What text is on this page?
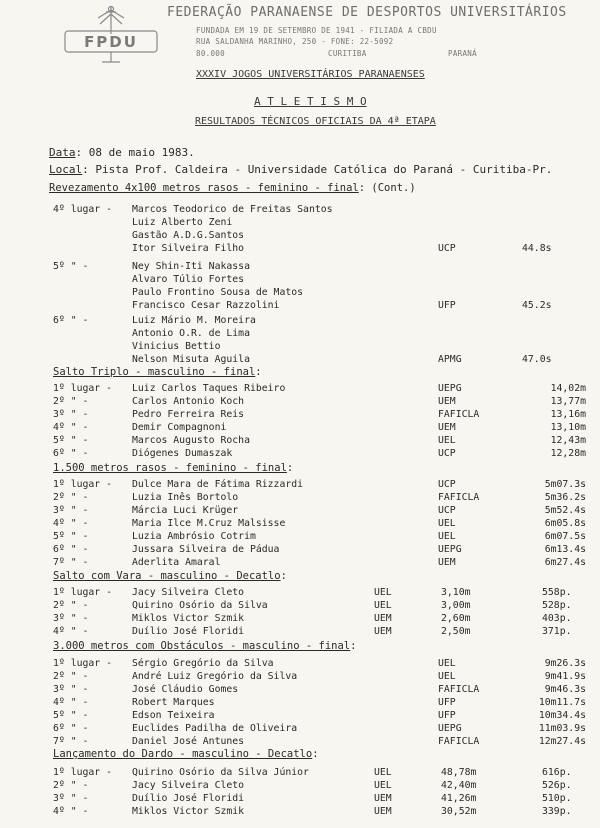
FPDU
FEDERAÇÃO PARANAENSE DE DESPORTOS UNIVERSITÁRIOS
FUNDADA EM 19 DE SETEMBRO DE 1941 - FILIADA A CBDU
RUA SALDANHA MARINHO, 250 - FONE: 22-5092
80.000	CURITIBA	PARANÁ
XXXIV JOGOS UNIVERSITÁRIOS PARANAENSES
A T L E T I S M O
RESULTADOS TÉCNICOS OFICIAIS DA 4ª ETAPA
Data: 08 de maio 1983.
Local: Pista Prof. Caldeira - Universidade Católica do Paraná - Curitiba-Pr.
Revezamento 4x100 metros rasos - feminino - final: (Cont.)
4º lugar - Marcos Teodorico de Freitas Santos
Luiz Alberto Zeni
Gastão A.D.G.Santos
Itor Silveira Filho	UCP	44.8s
5º " -	Ney Shin-Iti Nakassa
Alvaro Túlio Fortes
Paulo Frontino Sousa de Matos
Francisco Cesar Razzolini	UFP	45.2s
6º " -	Luiz Mário M. Moreira
Antonio O.R. de Lima
Vinicius Bettio
Nelson Misuta Aguila	APMG	47.0s
Salto Triplo - masculino - final:
1º lugar - Luiz Carlos Taques Ribeiro	UEPG	14,02m
2º " -	Carlos Antonio Koch	UEM	13,77m
3º " -	Pedro Ferreira Reis	FAFICLA	13,16m
4º " -	Demir Compagnoni	UEM	13,10m
5º " -	Marcos Augusto Rocha	UEL	12,43m
6º " -	Diógenes Dumaszak	UCP	12,28m
1.500 metros rasos - feminino - final:
1º lugar - Dulce Mara de Fátima Rizzardi	UCP	5m07.3s
2º " -	Luzia Inês Bortolo	FAFICLA	5m36.2s
3º " -	Márcia Luci Krüger	UCP	5m52.4s
4º " -	Maria Ilce M.Cruz Malsisse	UEL	6m05.8s
5º " -	Luzia Ambrósio Cotrim	UEL	6m07.5s
6º " -	Jussara Silveira de Pádua	UEPG	6m13.4s
7º " -	Aderlita Amaral	UEM	6m27.4s
Salto com Vara - masculino - Decatlo:
1º lugar - Jacy Silveira Cleto	UEL	3,10m	558p.
2º " -	Quirino Osório da Silva	UEL	3,00m	528p.
3º " -	Miklos Victor Szmik	UEM	2,60m	403p.
4º " -	Duílio José Floridi	UEM	2,50m	371p.
3.000 metros com Obstáculos - masculino - final:
1º lugar - Sérgio Gregório da Silva	UEL	9m26.3s
2º " -	André Luiz Gregório da Silva	UEL	9m41.9s
3º " -	José Cláudio Gomes	FAFICLA	9m46.3s
4º " -	Robert Marques	UFP	10m11.7s
5º " -	Edson Teixeira	UFP	10m34.4s
6º " -	Euclides Padilha de Oliveira	UEPG	11m03.9s
7º " -	Daniel José Antunes	FAFICLA	12m27.4s
Lançamento do Dardo - masculino - Decatlo:
1º lugar - Quirino Osório da Silva Júnior	UEL	48,78m	616p.
2º " -	Jacy Silveira Cleto	UEL	42,40m	526p.
3º " -	Duílio José Floridi	UEM	41,26m	510p.
4º " -	Miklos Victor Szmik	UEM	30,52m	339p.
